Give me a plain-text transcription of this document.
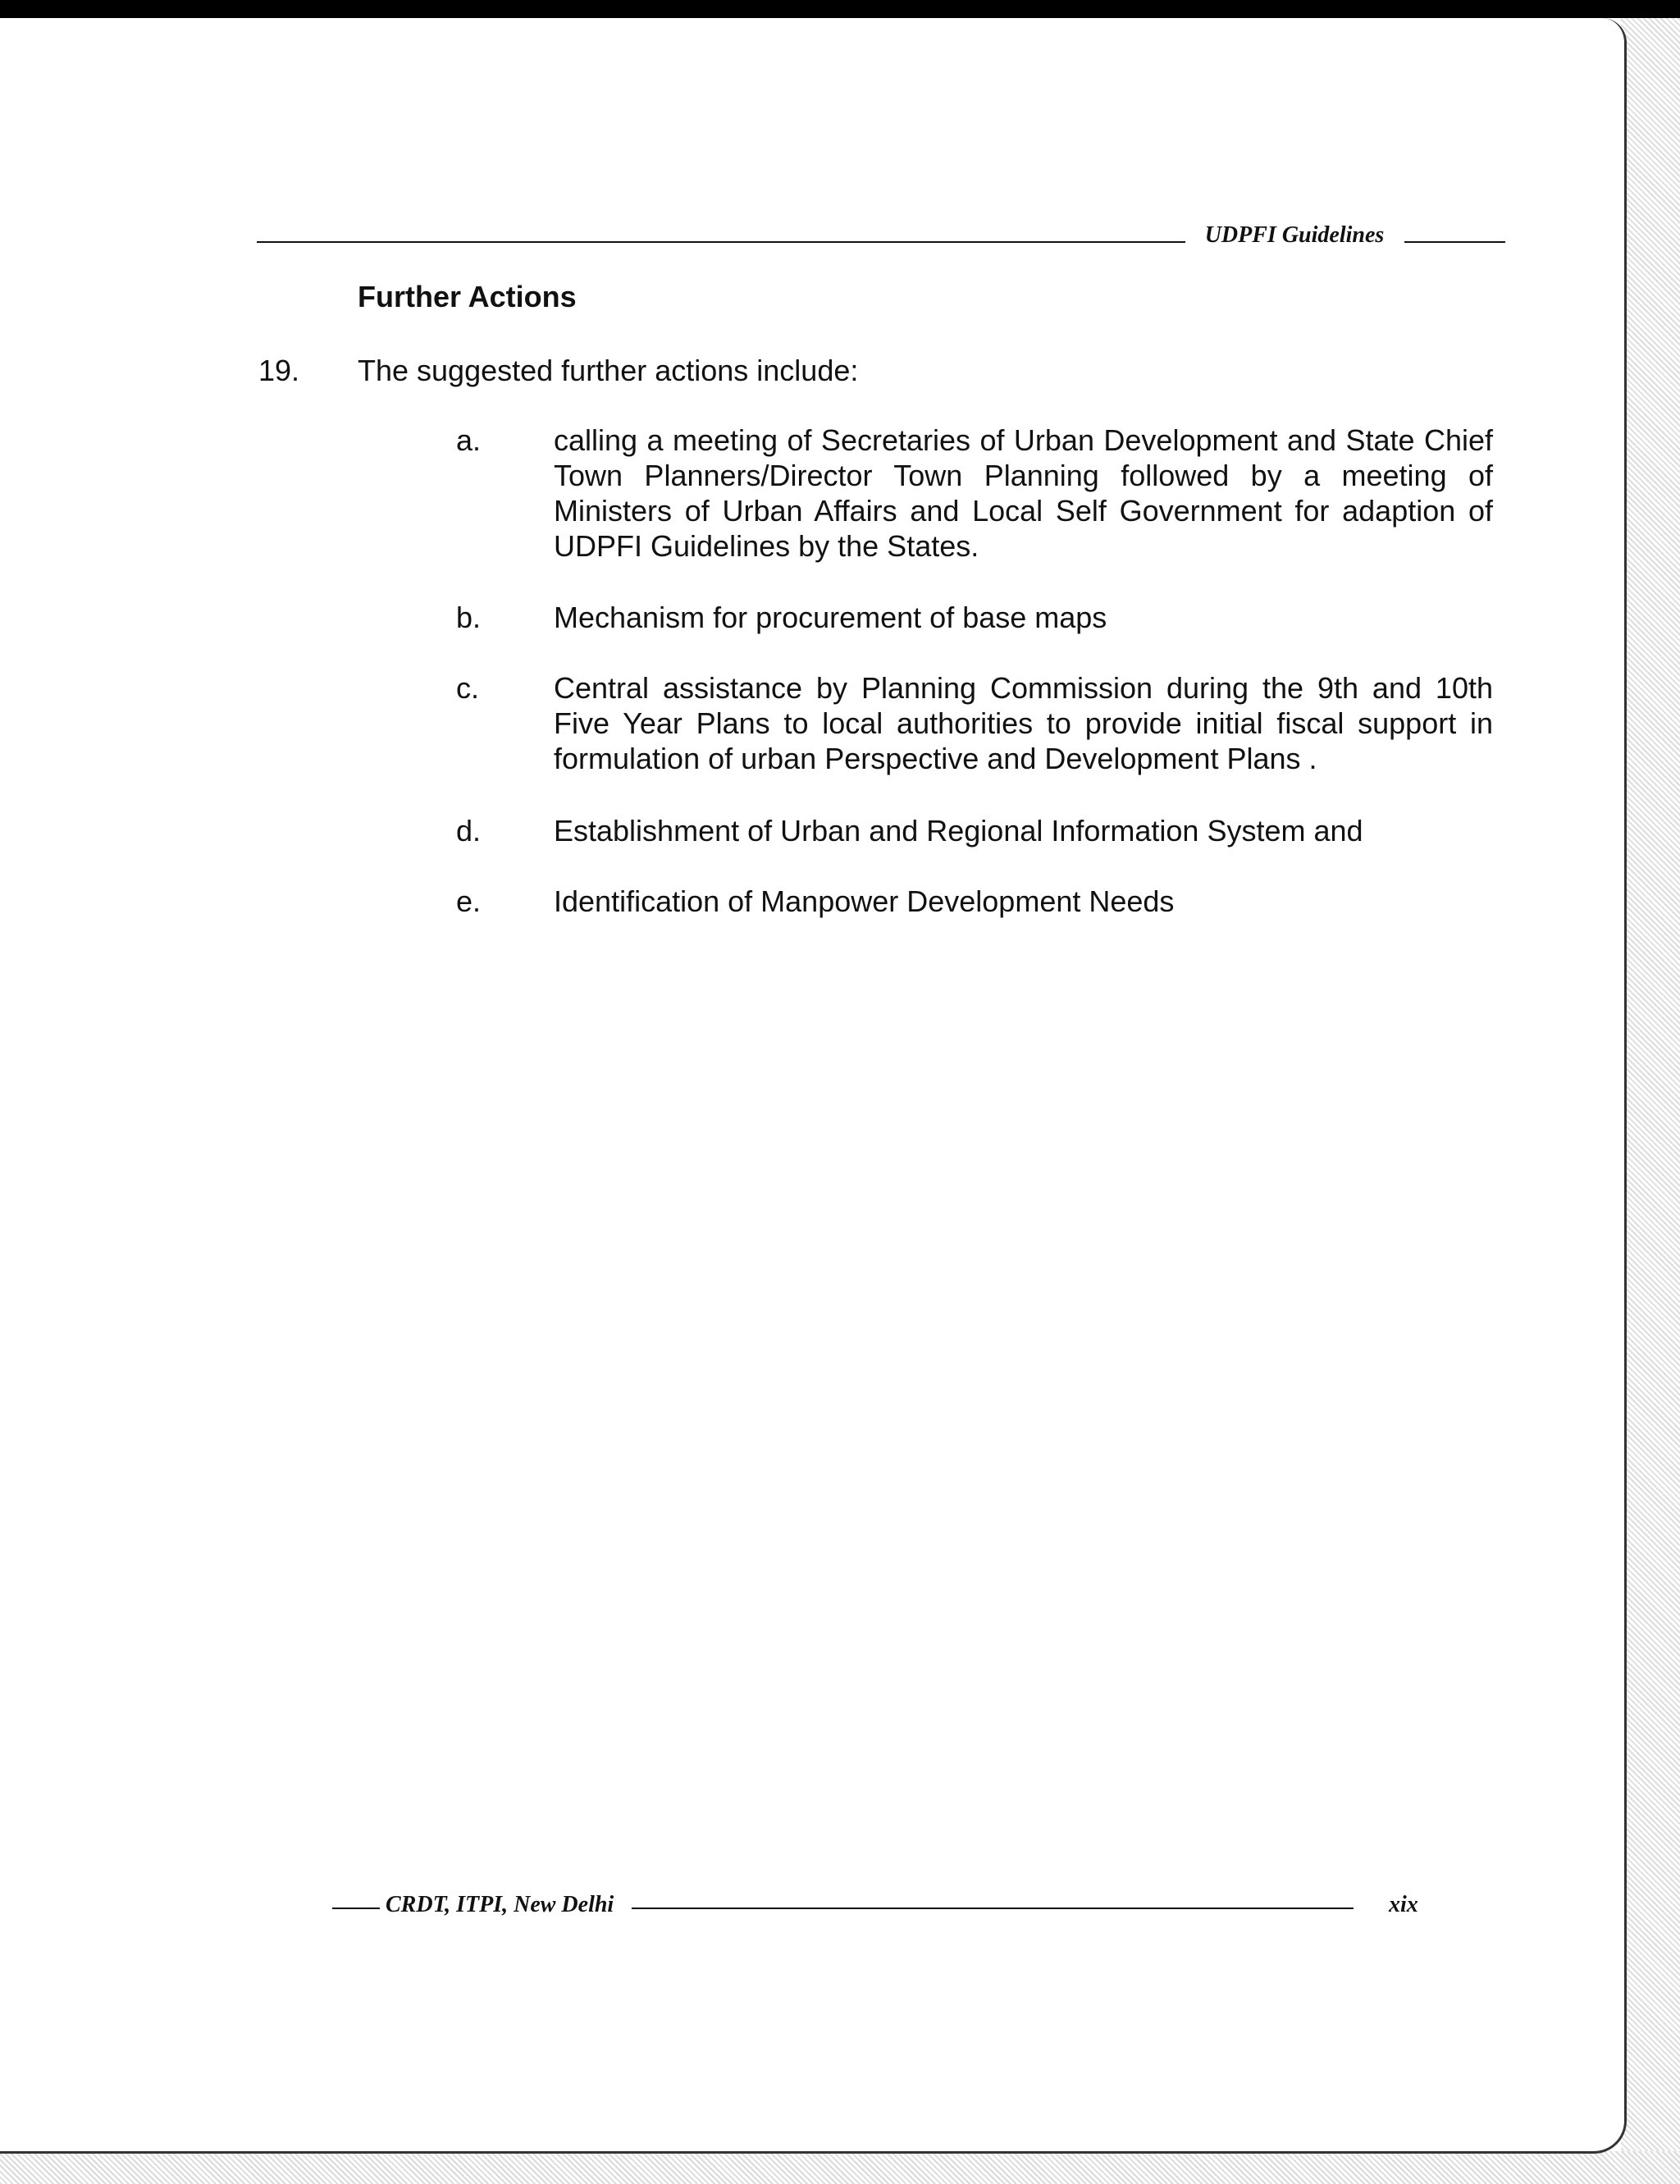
UDPFI Guidelines
Further Actions
19. The suggested further actions include:
a. calling a meeting of Secretaries of Urban Development and State Chief Town Planners/Director Town Planning followed by a meeting of Ministers of Urban Affairs and Local Self Government for adaption of UDPFI Guidelines by the States.
b. Mechanism for procurement of base maps
c.	Central assistance by Planning Commission during the 9th and 10th Five Year Plans to local authorities to provide initial fiscal support in formulation of urban Perspective and Development Plans .
d. Establishment of Urban and Regional Information System and
e. Identification of Manpower Development Needs
CRDT, ITPI, New Delhi	xix
